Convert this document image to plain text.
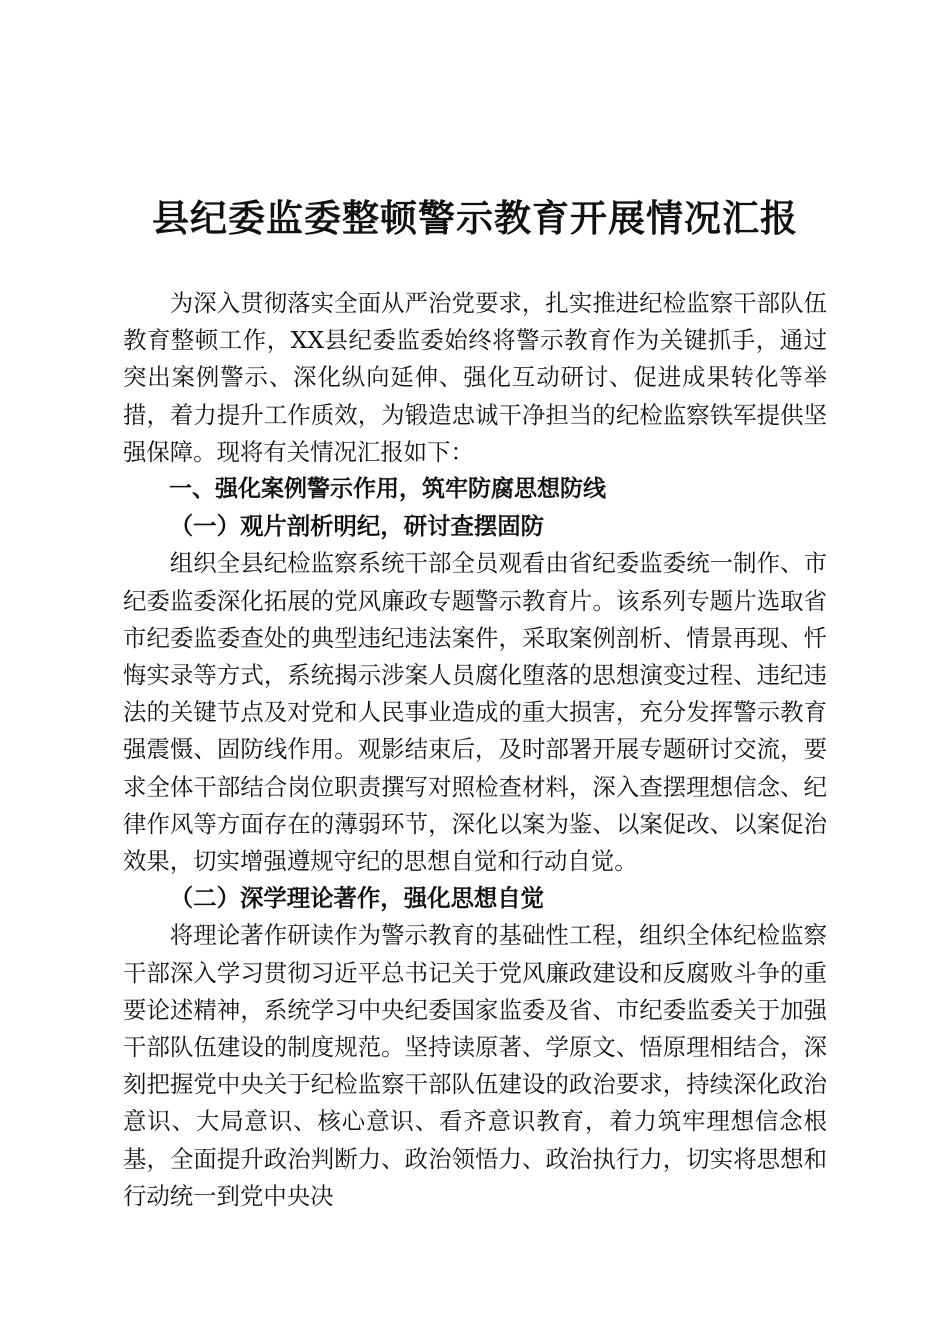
县纪委监委整顿警示教育开展情况汇报

为深入贯彻落实全面从严治党要求，扎实推进纪检监察干部队伍教育整顿工作，XX县纪委监委始终将警示教育作为关键抓手，通过突出案例警示、深化纵向延伸、强化互动研讨、促进成果转化等举措，着力提升工作质效，为锻造忠诚干净担当的纪检监察铁军提供坚强保障。现将有关情况汇报如下：

一、强化案例警示作用，筑牢防腐思想防线

（一）观片剖析明纪，研讨查摆固防

组织全县纪检监察系统干部全员观看由省纪委监委统一制作、市纪委监委深化拓展的党风廉政专题警示教育片。该系列专题片选取省市纪委监委查处的典型违纪违法案件，采取案例剖析、情景再现、忏悔实录等方式，系统揭示涉案人员腐化堕落的思想演变过程、违纪违法的关键节点及对党和人民事业造成的重大损害，充分发挥警示教育强震慑、固防线作用。观影结束后，及时部署开展专题研讨交流，要求全体干部结合岗位职责撰写对照检查材料，深入查摆理想信念、纪律作风等方面存在的薄弱环节，深化以案为鉴、以案促改、以案促治效果，切实增强遵规守纪的思想自觉和行动自觉。

（二）深学理论著作，强化思想自觉

将理论著作研读作为警示教育的基础性工程，组织全体纪检监察干部深入学习贯彻习近平总书记关于党风廉政建设和反腐败斗争的重要论述精神，系统学习中央纪委国家监委及省、市纪委监委关于加强干部队伍建设的制度规范。坚持读原著、学原文、悟原理相结合，深刻把握党中央关于纪检监察干部队伍建设的政治要求，持续深化政治意识、大局意识、核心意识、看齐意识教育，着力筑牢理想信念根基，全面提升政治判断力、政治领悟力、政治执行力，切实将思想和行动统一到党中央决
